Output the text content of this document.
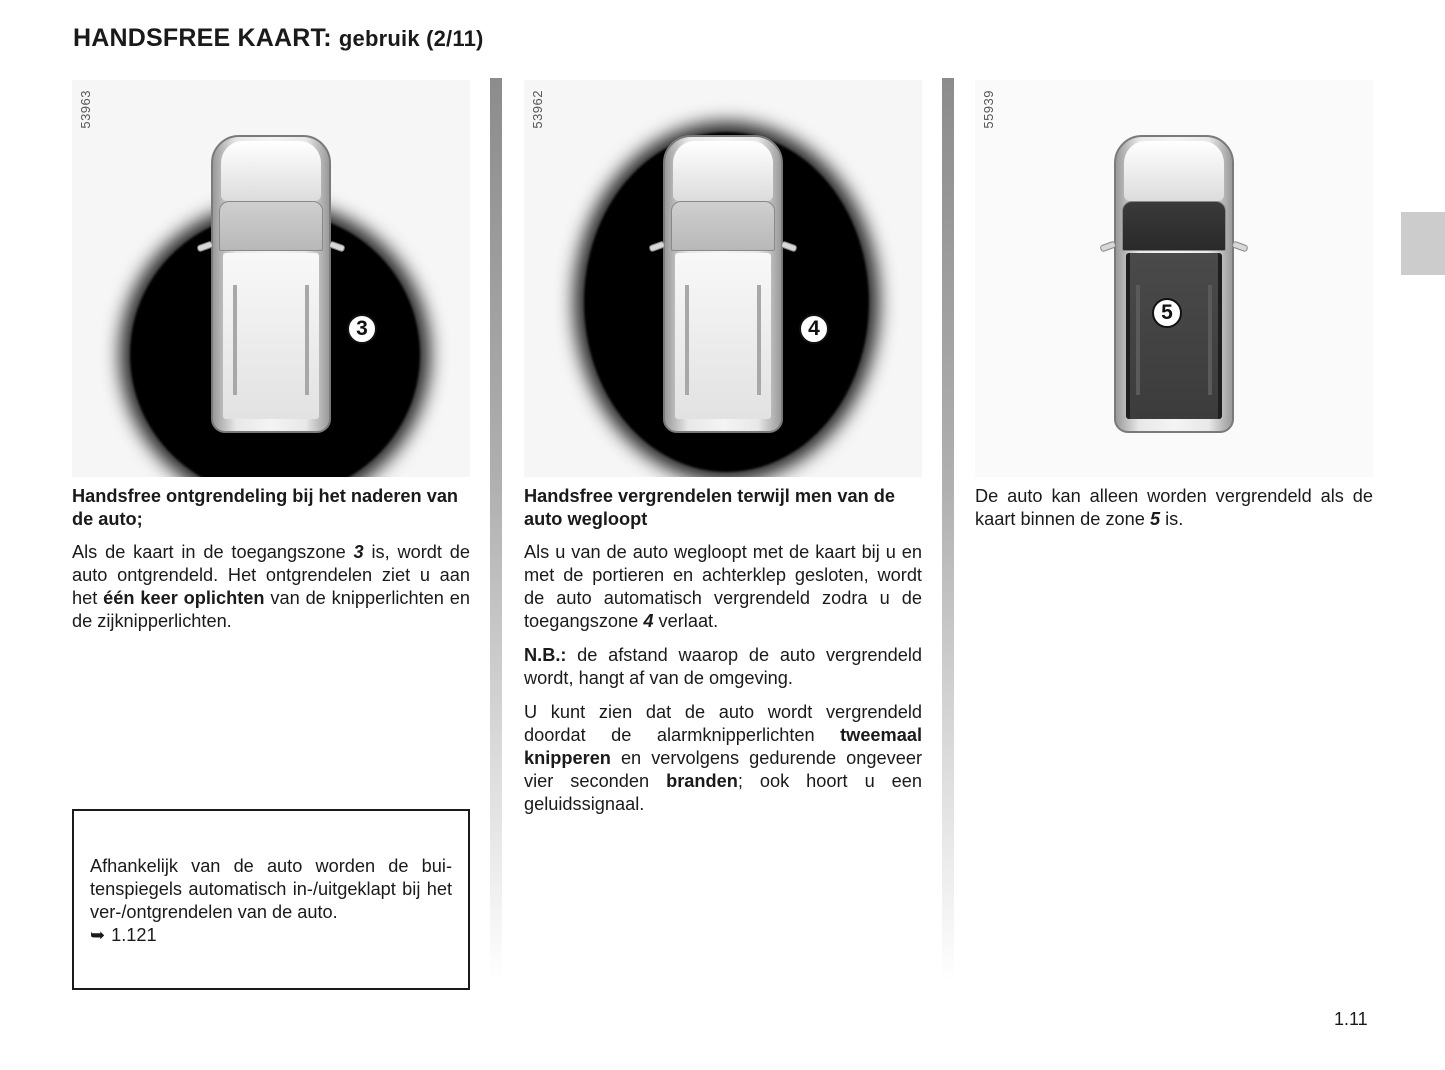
HANDSFREE KAART: gebruik (2/11)
53963
3
53962
4
55939
5
Handsfree ontgrendeling bij het naderen van de auto;

Als de kaart in de toegangszone 3 is, wordt de auto ontgrendeld. Het ontgrendelen ziet u aan het één keer oplichten van de knipperlichten en de zijknipperlichten.

Handsfree vergrendelen terwijl men van de auto wegloopt

Als u van de auto wegloopt met de kaart bij u en met de portieren en achterklep gesloten, wordt de auto automatisch vergrendeld zodra u de toegangszone 4 verlaat.

N.B.: de afstand waarop de auto vergrendeld wordt, hangt af van de omgeving.

U kunt zien dat de auto wordt vergrendeld doordat de alarmknipperlichten tweemaal knipperen en vervolgens gedurende ongeveer vier seconden branden; ook hoort u een geluidssignaal.

De auto kan alleen worden vergrendeld als de kaart binnen de zone 5 is.

Afhankelijk van de auto worden de buitenspiegels automatisch in-/uitgeklapt bij het ver-/ontgrendelen van de auto.
➥ 1.121
1.11
